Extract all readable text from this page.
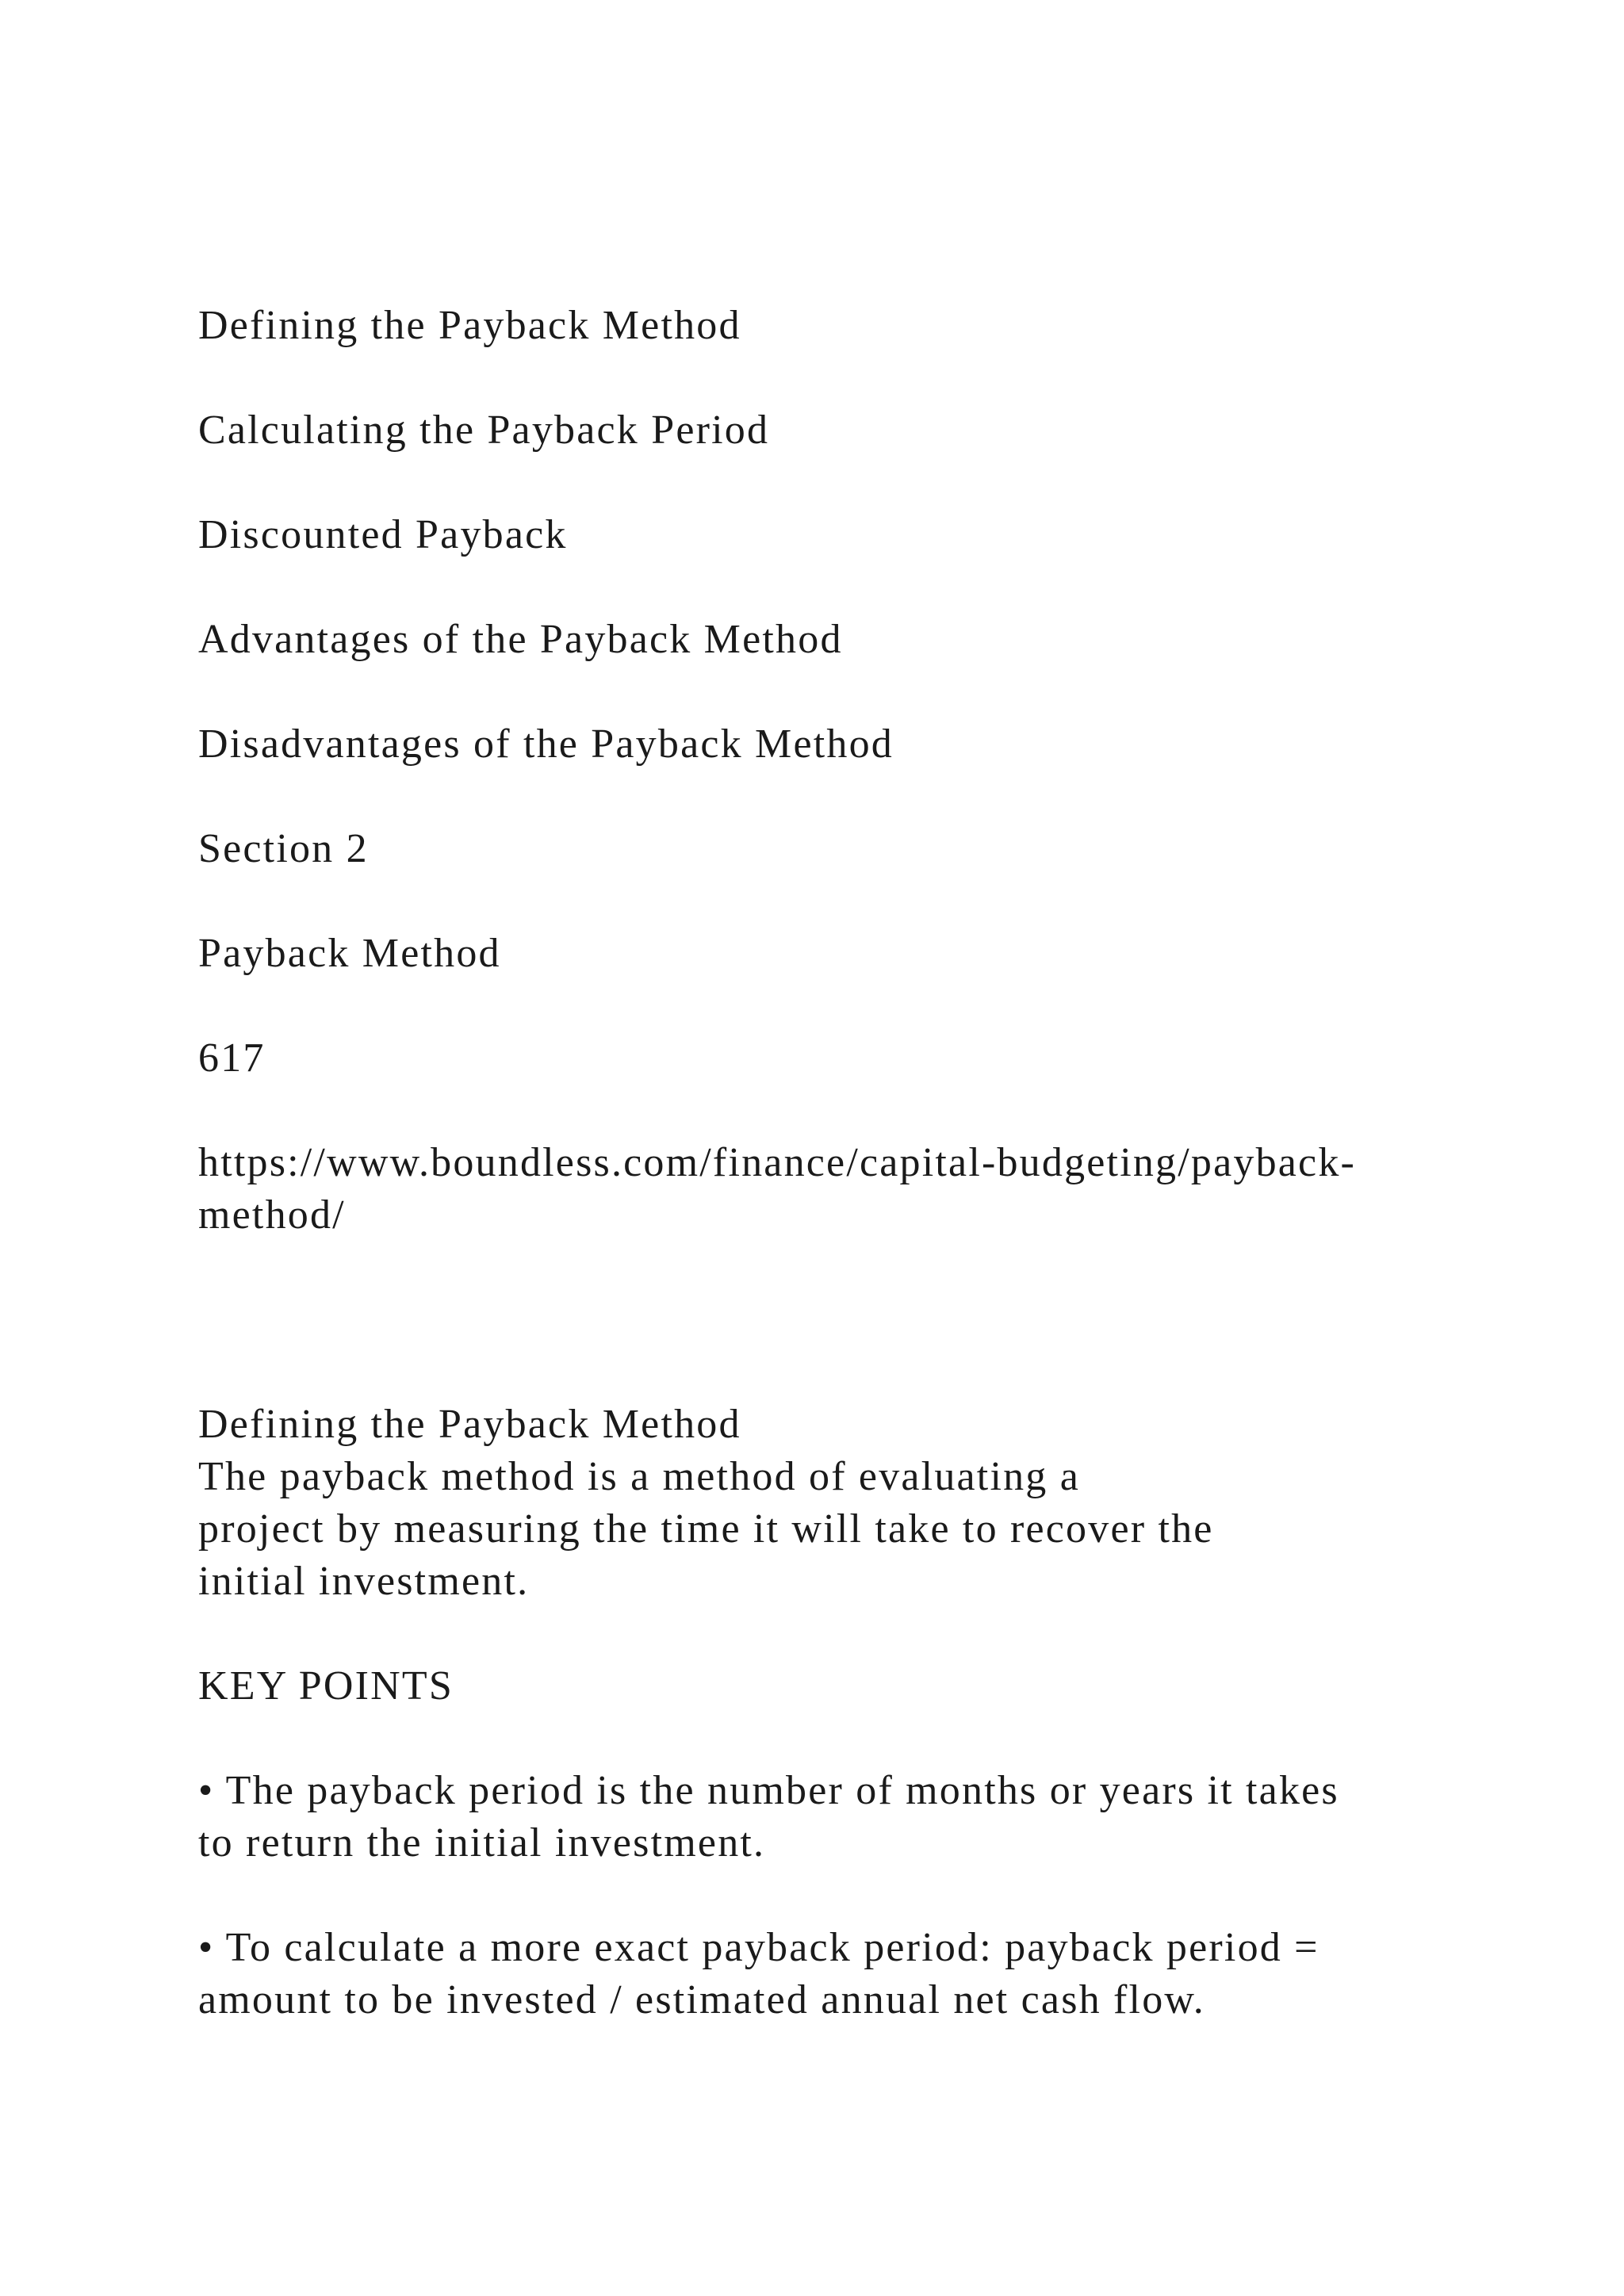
Defining the Payback Method
Calculating the Payback Period
Discounted Payback
Advantages of the Payback Method
Disadvantages of the Payback Method
Section 2
Payback Method
617
https://www.boundless.com/finance/capital-budgeting/payback-
method/
Defining the Payback Method
The payback method is a method of evaluating a
project by measuring the time it will take to recover the
initial investment.
KEY POINTS
• The payback period is the number of months or years it takes
to return the initial investment.
• To calculate a more exact payback period: payback period =
amount to be invested / estimated annual net cash flow.
